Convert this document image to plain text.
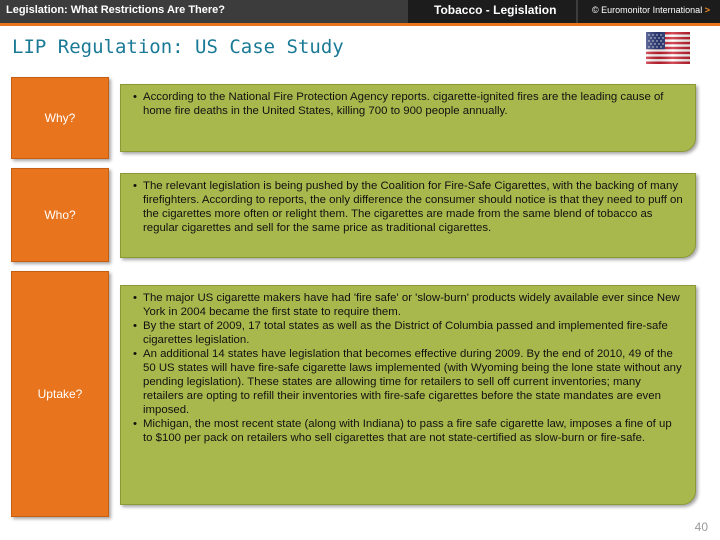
Legislation: What Restrictions Are There?	Tobacco - Legislation	© Euromonitor International >
LIP Regulation: US Case Study
Why?
• According to the National Fire Protection Agency reports. cigarette-ignited fires are the leading cause of home fire deaths in the United States, killing 700 to 900 people annually.
Who?
• The relevant legislation is being pushed by the Coalition for Fire-Safe Cigarettes, with the backing of many firefighters. According to reports, the only difference the consumer should notice is that they need to puff on the cigarettes more often or relight them. The cigarettes are made from the same blend of tobacco as regular cigarettes and sell for the same price as traditional cigarettes.
Uptake?
• The major US cigarette makers have had 'fire safe' or 'slow-burn' products widely available ever since New York in 2004 became the first state to require them.
• By the start of 2009, 17 total states as well as the District of Columbia passed and implemented fire-safe cigarettes legislation.
• An additional 14 states have legislation that becomes effective during 2009. By the end of 2010, 49 of the 50 US states will have fire-safe cigarette laws implemented (with Wyoming being the lone state without any pending legislation). These states are allowing time for retailers to sell off current inventories; many retailers are opting to refill their inventories with fire-safe cigarettes before the state mandates are even imposed.
• Michigan, the most recent state (along with Indiana) to pass a fire safe cigarette law, imposes a fine of up to $100 per pack on retailers who sell cigarettes that are not state-certified as slow-burn or fire-safe.
40
